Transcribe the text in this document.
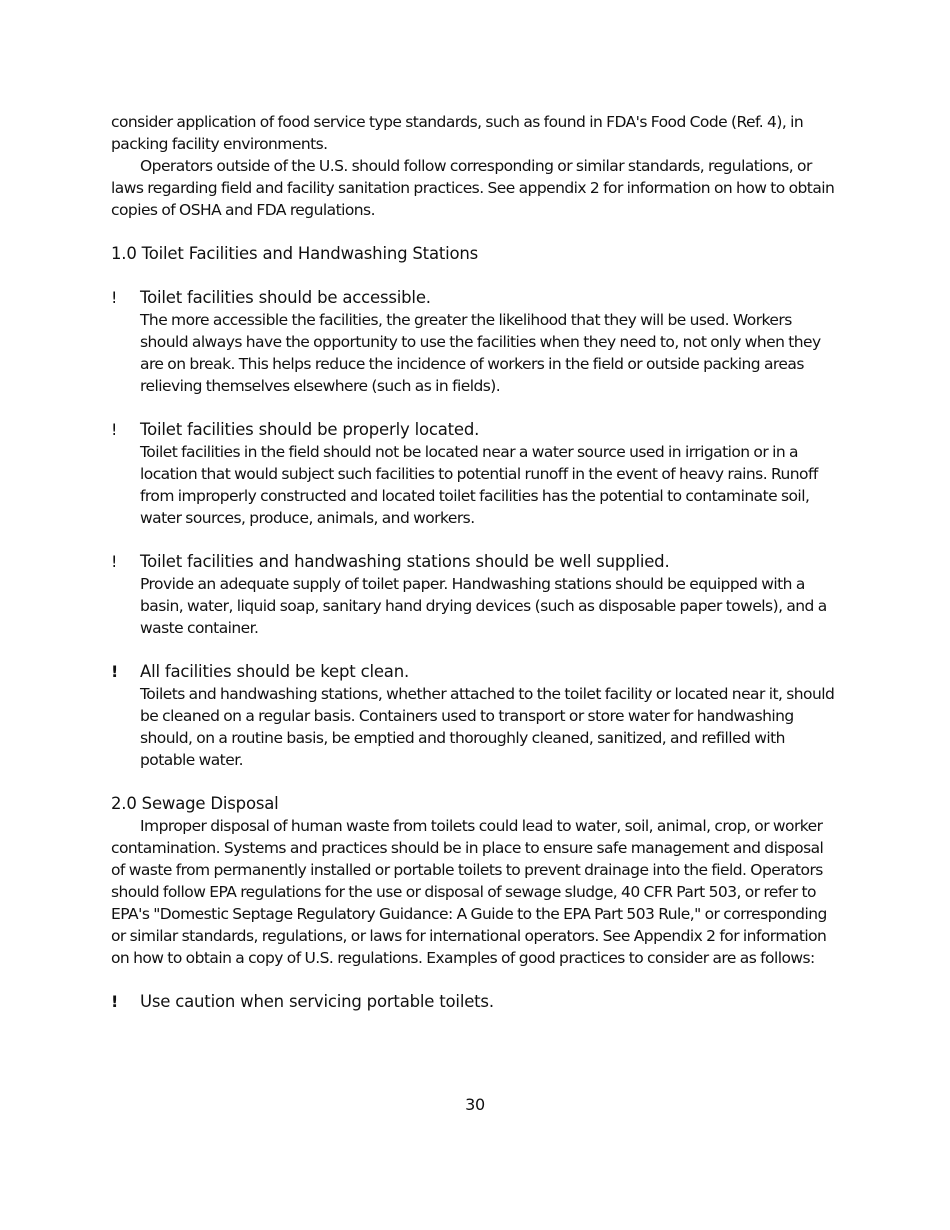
consider application of food service type standards, such as found in FDA's Food Code (Ref. 4), in packing facility environments.

Operators outside of the U.S. should follow corresponding or similar standards, regulations, or laws regarding field and facility sanitation practices. See appendix 2 for information on how to obtain copies of OSHA and FDA regulations.

1.0 Toilet Facilities and Handwashing Stations

!	Toilet facilities should be accessible.

The more accessible the facilities, the greater the likelihood that they will be used. Workers should always have the opportunity to use the facilities when they need to, not only when they are on break. This helps reduce the incidence of workers in the field or outside packing areas relieving themselves elsewhere (such as in fields).

!	Toilet facilities should be properly located.

Toilet facilities in the field should not be located near a water source used in irrigation or in a location that would subject such facilities to potential runoff in the event of heavy rains. Runoff from improperly constructed and located toilet facilities has the potential to contaminate soil, water sources, produce, animals, and workers.

!	Toilet facilities and handwashing stations should be well supplied.

Provide an adequate supply of toilet paper. Handwashing stations should be equipped with a basin, water, liquid soap, sanitary hand drying devices (such as disposable paper towels), and a waste container.

!	All facilities should be kept clean.

Toilets and handwashing stations, whether attached to the toilet facility or located near it, should be cleaned on a regular basis. Containers used to transport or store water for handwashing should, on a routine basis, be emptied and thoroughly cleaned, sanitized, and refilled with potable water.

2.0 Sewage Disposal

Improper disposal of human waste from toilets could lead to water, soil, animal, crop, or worker contamination. Systems and practices should be in place to ensure safe management and disposal of waste from permanently installed or portable toilets to prevent drainage into the field. Operators should follow EPA regulations for the use or disposal of sewage sludge, 40 CFR Part 503, or refer to EPA's "Domestic Septage Regulatory Guidance: A Guide to the EPA Part 503 Rule," or corresponding or similar standards, regulations, or laws for international operators. See Appendix 2 for information on how to obtain a copy of U.S. regulations. Examples of good practices to consider are as follows:

!	Use caution when servicing portable toilets.

30
